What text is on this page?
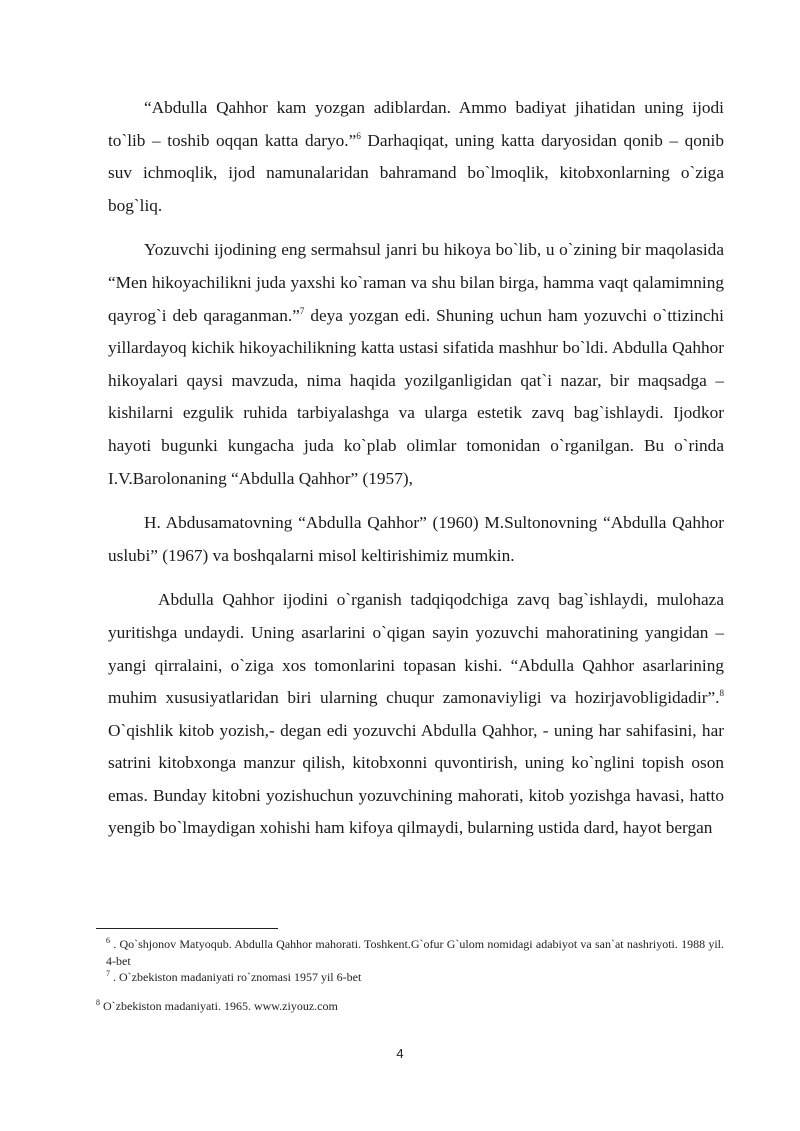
“Abdulla Qahhor kam yozgan adiblardan. Ammo badiyat jihatidan uning ijodi to`lib – toshib oqqan katta daryo.”$^6$ Darhaqiqat, uning katta daryosidan qonib – qonib suv ichmoqlik, ijod namunalaridan bahramand bo`lmoqlik, kitobxonlarning o`ziga bog`liq.

Yozuvchi ijodining eng sermahsul janri bu hikoya bo`lib, u o`zining bir maqolasida “Men hikoyachilikni juda yaxshi ko`raman va shu bilan birga, hamma vaqt qalamimning qayrog`i deb qaraganman.”$^7$ deya yozgan edi. Shuning uchun ham yozuvchi o`ttizinchi yillardayoq kichik hikoyachilikning katta ustasi sifatida mashhur bo`ldi. Abdulla Qahhor hikoyalari qaysi mavzuda, nima haqida yozilganligidan qat`i nazar, bir maqsadga – kishilarni ezgulik ruhida tarbiyalashga va ularga estetik zavq bag`ishlaydi. Ijodkor hayoti bugunki kungacha juda ko`plab olimlar tomonidan o`rganilgan. Bu o`rinda I.V.Barolonaning “Abdulla Qahhor” (1957),

H. Abdusamatovning “Abdulla Qahhor” (1960) M.Sultonovning “Abdulla Qahhor uslubi” (1967) va boshqalarni misol keltirishimiz mumkin.

Abdulla Qahhor ijodini o`rganish tadqiqodchiga zavq bag`ishlaydi, mulohaza yuritishga undaydi. Uning asarlarini o`qigan sayin yozuvchi mahoratining yangidan – yangi qirralaini, o`ziga xos tomonlarini topasan kishi. “Abdulla Qahhor asarlarining muhim xususiyatlaridan biri ularning chuqur zamonaviyligi va hozirjavobligidadir”.$^8$ O`qishlik kitob yozish,- degan edi yozuvchi Abdulla Qahhor, - uning har sahifasini, har satrini kitobxonga manzur qilish, kitobxonni quvontirish, uning ko`nglini topish oson emas. Bunday kitobni yozishuchun yozuvchining mahorati, kitob yozishga havasi, hatto yengib bo`lmaydigan xohishi ham kifoya qilmaydi, bularning ustida dard, hayot bergan

$^6$ . Qo`shjonov Matyoqub. Abdulla Qahhor mahorati. Toshkent.G`ofur G`ulom nomidagi adabiyot va san`at nashriyoti. 1988 yil. 4-bet

$^7$ . O`zbekiston madaniyati ro`znomasi 1957 yil 6-bet

$^8$ O`zbekiston madaniyati. 1965. www.ziyouz.com

4
